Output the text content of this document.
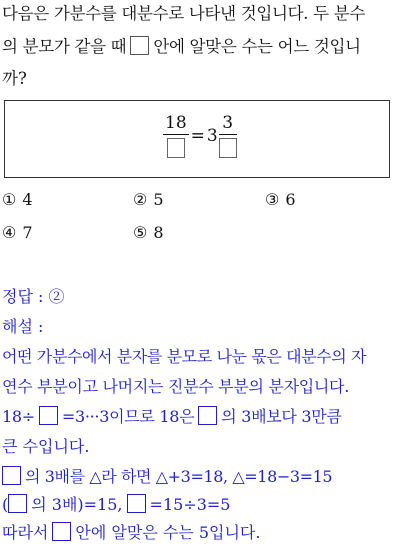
다음은 가분수를 대분수로 나타낸 것입니다. 두 분수
의 분모가 같을 때 안에 알맞은 수는 어느 것입니
까?
18
= 3
3
① 4	② 5	③ 6
④ 7	⑤ 8
정답 : ②
해설 :
어떤 가분수에서 분자를 분모로 나눈 몫은 대분수의 자
연수 부분이고 나머지는 진분수 부분의 분자입니다.
18÷ =3···3이므로 18은 의 3배보다 3만큼
큰 수입니다.
의 3배를 △라 하면 △+3=18, △=18−3=15
( 의 3배)=15, =15÷3=5
따라서 안에 알맞은 수는 5입니다.
